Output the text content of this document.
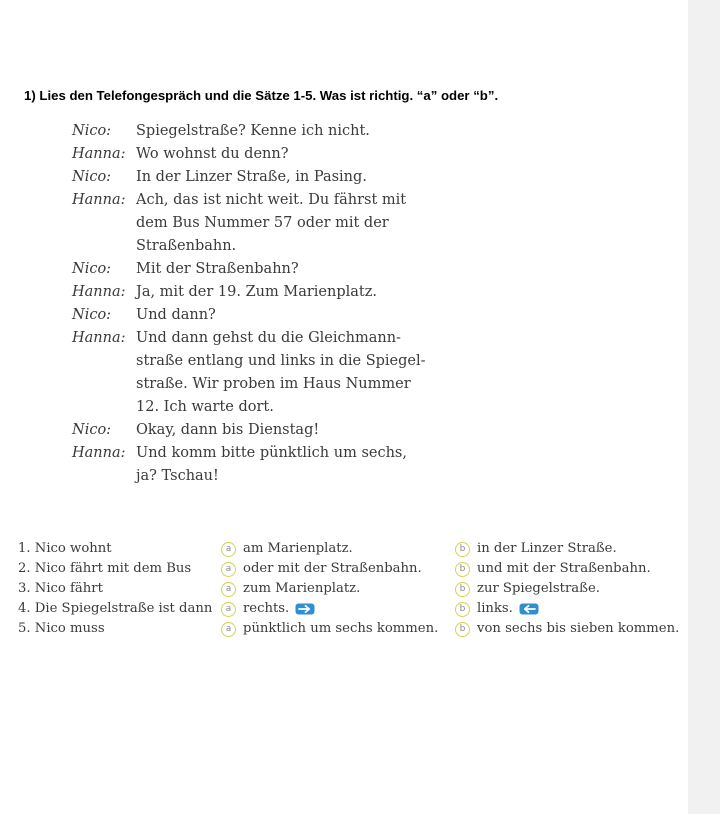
1) Lies den Telefongespräch und die Sätze 1-5. Was ist richtig. “a” oder “b”.
Nico:	Spiegelstraße? Kenne ich nicht.
Hanna: Wo wohnst du denn?
Nico:	In der Linzer Straße, in Pasing.
Hanna: Ach, das ist nicht weit. Du fährst mit
dem Bus Nummer 57 oder mit der
Straßenbahn.
Nico:	Mit der Straßenbahn?
Hanna: Ja, mit der 19. Zum Marienplatz.
Nico:	Und dann?
Hanna: Und dann gehst du die Gleichmann-
straße entlang und links in die Spiegel-
straße. Wir proben im Haus Nummer
12. Ich warte dort.
Nico:	Okay, dann bis Dienstag!
Hanna: Und komm bitte pünktlich um sechs,
ja? Tschau!
1. Nico wohnt	a am Marienplatz.	b in der Linzer Straße.
2. Nico fährt mit dem Bus	a oder mit der Straßenbahn.	b und mit der Straßenbahn.
3. Nico fährt	a zum Marienplatz.	b zur Spiegelstraße.
4. Die Spiegelstraße ist dann	a rechts.	b links.
5. Nico muss	a pünktlich um sechs kommen.	b von sechs bis sieben kommen.
